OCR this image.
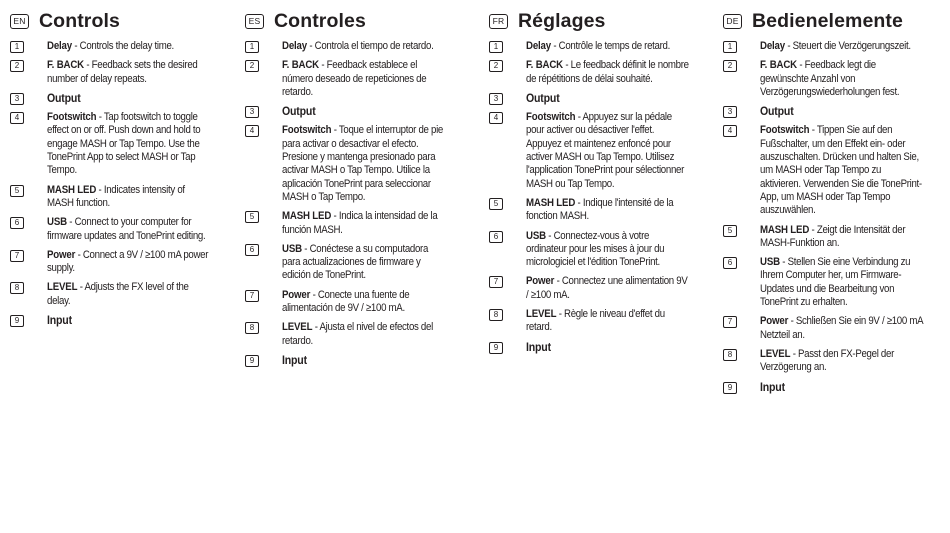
EN Controls
1	Delay - Controls the delay time.
2	F. BACK - Feedback sets the desired number of delay repeats.
3	Output
4	Footswitch - Tap footswitch to toggle effect on or off. Push down and hold to engage MASH or Tap Tempo. Use the TonePrint App to select MASH or Tap Tempo.
5	MASH LED - Indicates intensity of MASH function.
6	USB - Connect to your computer for firmware updates and TonePrint editing.
7	Power - Connect a 9V / ≥100 mA power supply.
8	LEVEL - Adjusts the FX level of the delay.
9	Input
ES Controles
1	Delay - Controla el tiempo de retardo.
2	F. BACK - Feedback establece el número deseado de repeticiones de retardo.
3	Output
4	Footswitch - Toque el interruptor de pie para activar o desactivar el efecto. Presione y mantenga presionado para activar MASH o Tap Tempo. Utilice la aplicación TonePrint para seleccionar MASH o Tap Tempo.
5	MASH LED - Indica la intensidad de la función MASH.
6	USB - Conéctese a su computadora para actualizaciones de firmware y edición de TonePrint.
7	Power - Conecte una fuente de alimentación de 9V / ≥100 mA.
8	LEVEL - Ajusta el nivel de efectos del retardo.
9	Input
FR Réglages
1	Delay - Contrôle le temps de retard.
2	F. BACK - Le feedback définit le nombre de répétitions de délai souhaité.
3	Output
4	Footswitch - Appuyez sur la pédale pour activer ou désactiver l'effet. Appuyez et maintenez enfoncé pour activer MASH ou Tap Tempo. Utilisez l'application TonePrint pour sélectionner MASH ou Tap Tempo.
5	MASH LED - Indique l'intensité de la fonction MASH.
6	USB - Connectez-vous à votre ordinateur pour les mises à jour du micrologiciel et l'édition TonePrint.
7	Power - Connectez une alimentation 9V / ≥100 mA.
8	LEVEL - Règle le niveau d'effet du retard.
9	Input
DE Bedienelemente
1	Delay - Steuert die Verzögerungszeit.
2	F. BACK - Feedback legt die gewünschte Anzahl von Verzögerungswiederholungen fest.
3	Output
4	Footswitch - Tippen Sie auf den Fußschalter, um den Effekt ein- oder auszuschalten. Drücken und halten Sie, um MASH oder Tap Tempo zu aktivieren. Verwenden Sie die TonePrint-App, um MASH oder Tap Tempo auszuwählen.
5	MASH LED - Zeigt die Intensität der MASH-Funktion an.
6	USB - Stellen Sie eine Verbindung zu Ihrem Computer her, um Firmware-Updates und die Bearbeitung von TonePrint zu erhalten.
7	Power - Schließen Sie ein 9V / ≥100 mA Netzteil an.
8	LEVEL - Passt den FX-Pegel der Verzögerung an.
9	Input
